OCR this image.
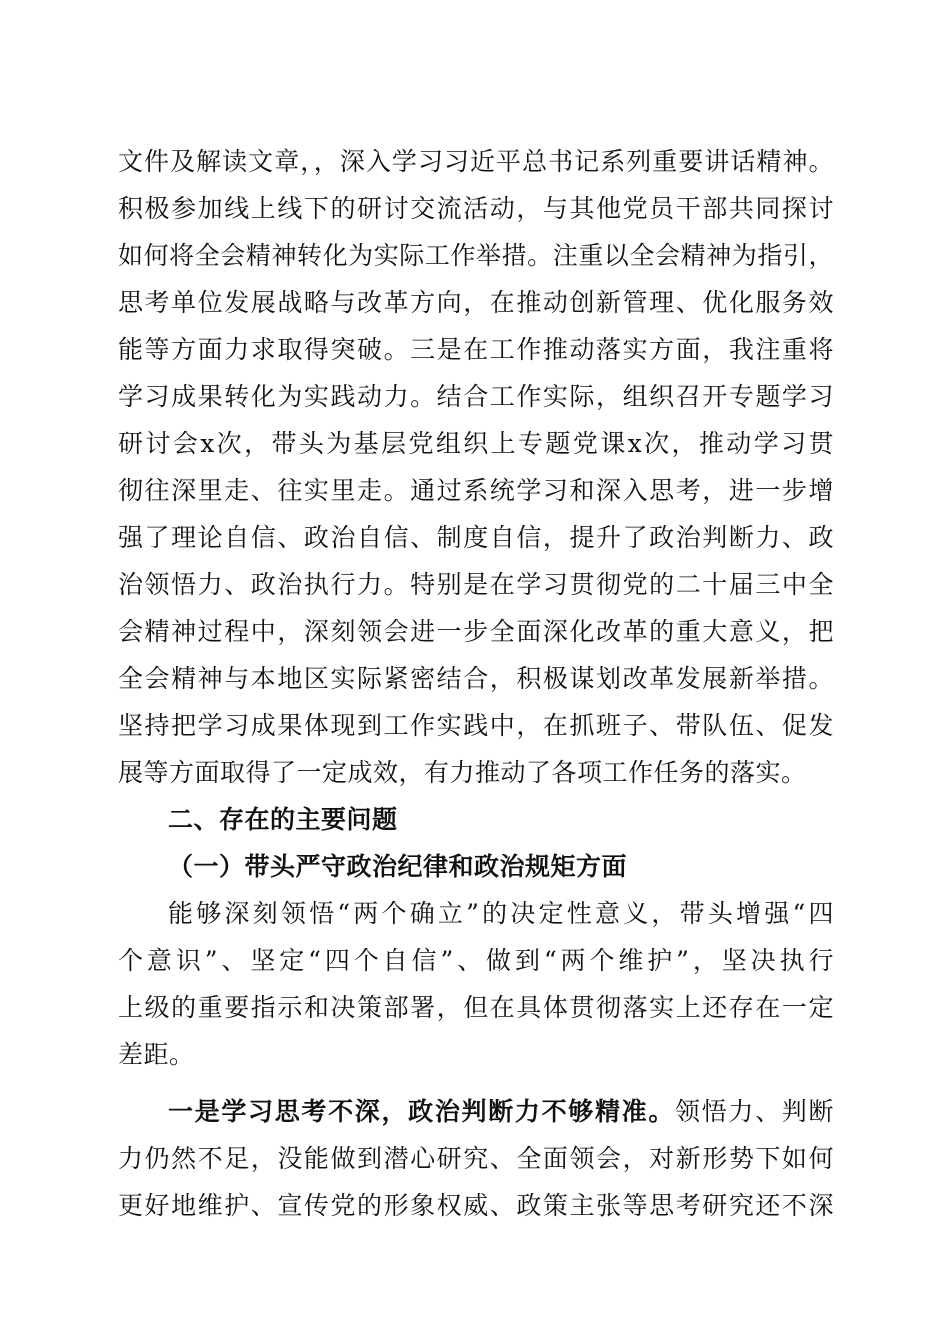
文件及解读文章，，深入学习习近平总书记系列重要讲话精神。
积极参加线上线下的研讨交流活动，与其他党员干部共同探讨
如何将全会精神转化为实际工作举措。注重以全会精神为指引，
思考单位发展战略与改革方向，在推动创新管理、优化服务效
能等方面力求取得突破。三是在工作推动落实方面，我注重将
学习成果转化为实践动力。结合工作实际，组织召开专题学习
研讨会x次，带头为基层党组织上专题党课x次，推动学习贯
彻往深里走、往实里走。通过系统学习和深入思考，进一步增
强了理论自信、政治自信、制度自信，提升了政治判断力、政
治领悟力、政治执行力。特别是在学习贯彻党的二十届三中全
会精神过程中，深刻领会进一步全面深化改革的重大意义，把
全会精神与本地区实际紧密结合，积极谋划改革发展新举措。
坚持把学习成果体现到工作实践中，在抓班子、带队伍、促发
展等方面取得了一定成效，有力推动了各项工作任务的落实。
二、存在的主要问题
（一）带头严守政治纪律和政治规矩方面
能够深刻领悟“两个确立”的决定性意义，带头增强“四
个意识”、坚定“四个自信”、做到“两个维护”，坚决执行
上级的重要指示和决策部署，但在具体贯彻落实上还存在一定
差距。
一是学习思考不深，政治判断力不够精准。领悟力、判断
力仍然不足，没能做到潜心研究、全面领会，对新形势下如何
更好地维护、宣传党的形象权威、政策主张等思考研究还不深
